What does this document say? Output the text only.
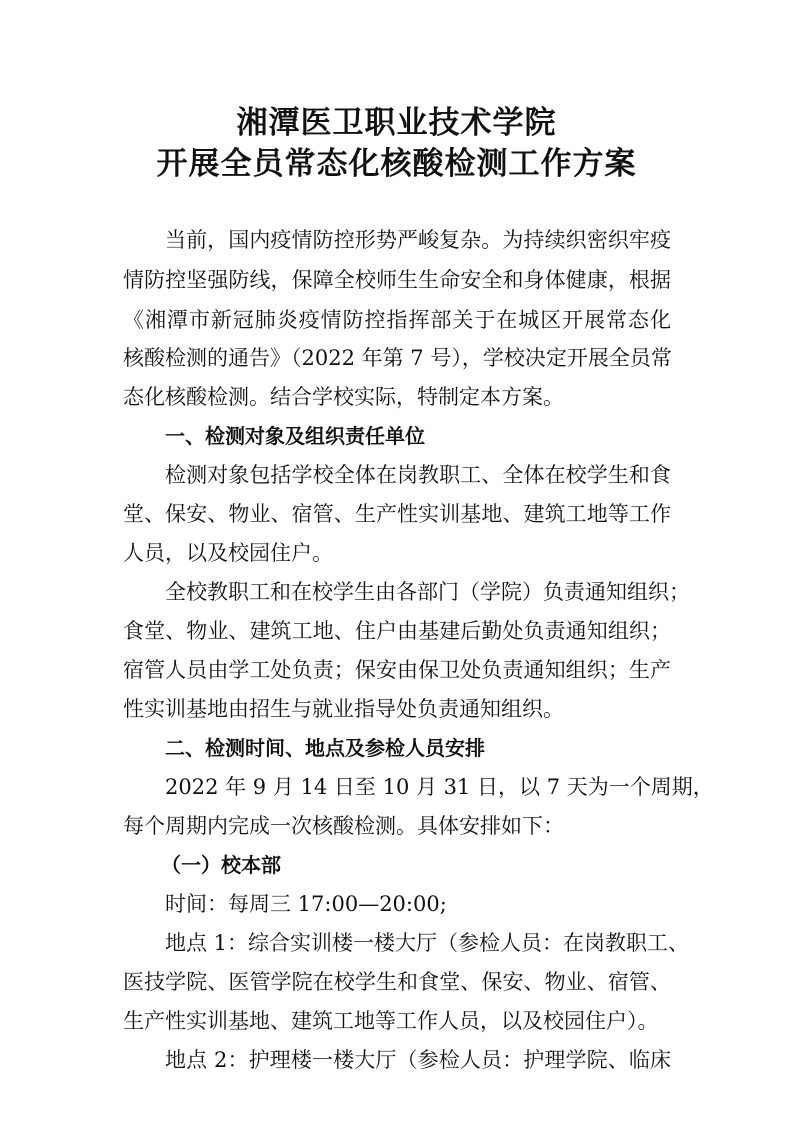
湘潭医卫职业技术学院
开展全员常态化核酸检测工作方案
当前，国内疫情防控形势严峻复杂。为持续织密织牢疫
情防控坚强防线，保障全校师生生命安全和身体健康，根据
《湘潭市新冠肺炎疫情防控指挥部关于在城区开展常态化
核酸检测的通告》（2022 年第 7 号），学校决定开展全员常
态化核酸检测。结合学校实际，特制定本方案。
一、检测对象及组织责任单位
检测对象包括学校全体在岗教职工、全体在校学生和食
堂、保安、物业、宿管、生产性实训基地、建筑工地等工作
人员，以及校园住户。
全校教职工和在校学生由各部门（学院）负责通知组织；
食堂、物业、建筑工地、住户由基建后勤处负责通知组织；
宿管人员由学工处负责；保安由保卫处负责通知组织；生产
性实训基地由招生与就业指导处负责通知组织。
二、检测时间、地点及参检人员安排
2022 年 9 月 14 日至 10 月 31 日，以 7 天为一个周期，
每个周期内完成一次核酸检测。具体安排如下：
（一）校本部
时间：每周三 17:00—20:00;
地点 1：综合实训楼一楼大厅（参检人员：在岗教职工、
医技学院、医管学院在校学生和食堂、保安、物业、宿管、
生产性实训基地、建筑工地等工作人员，以及校园住户）。
地点 2：护理楼一楼大厅（参检人员：护理学院、临床
